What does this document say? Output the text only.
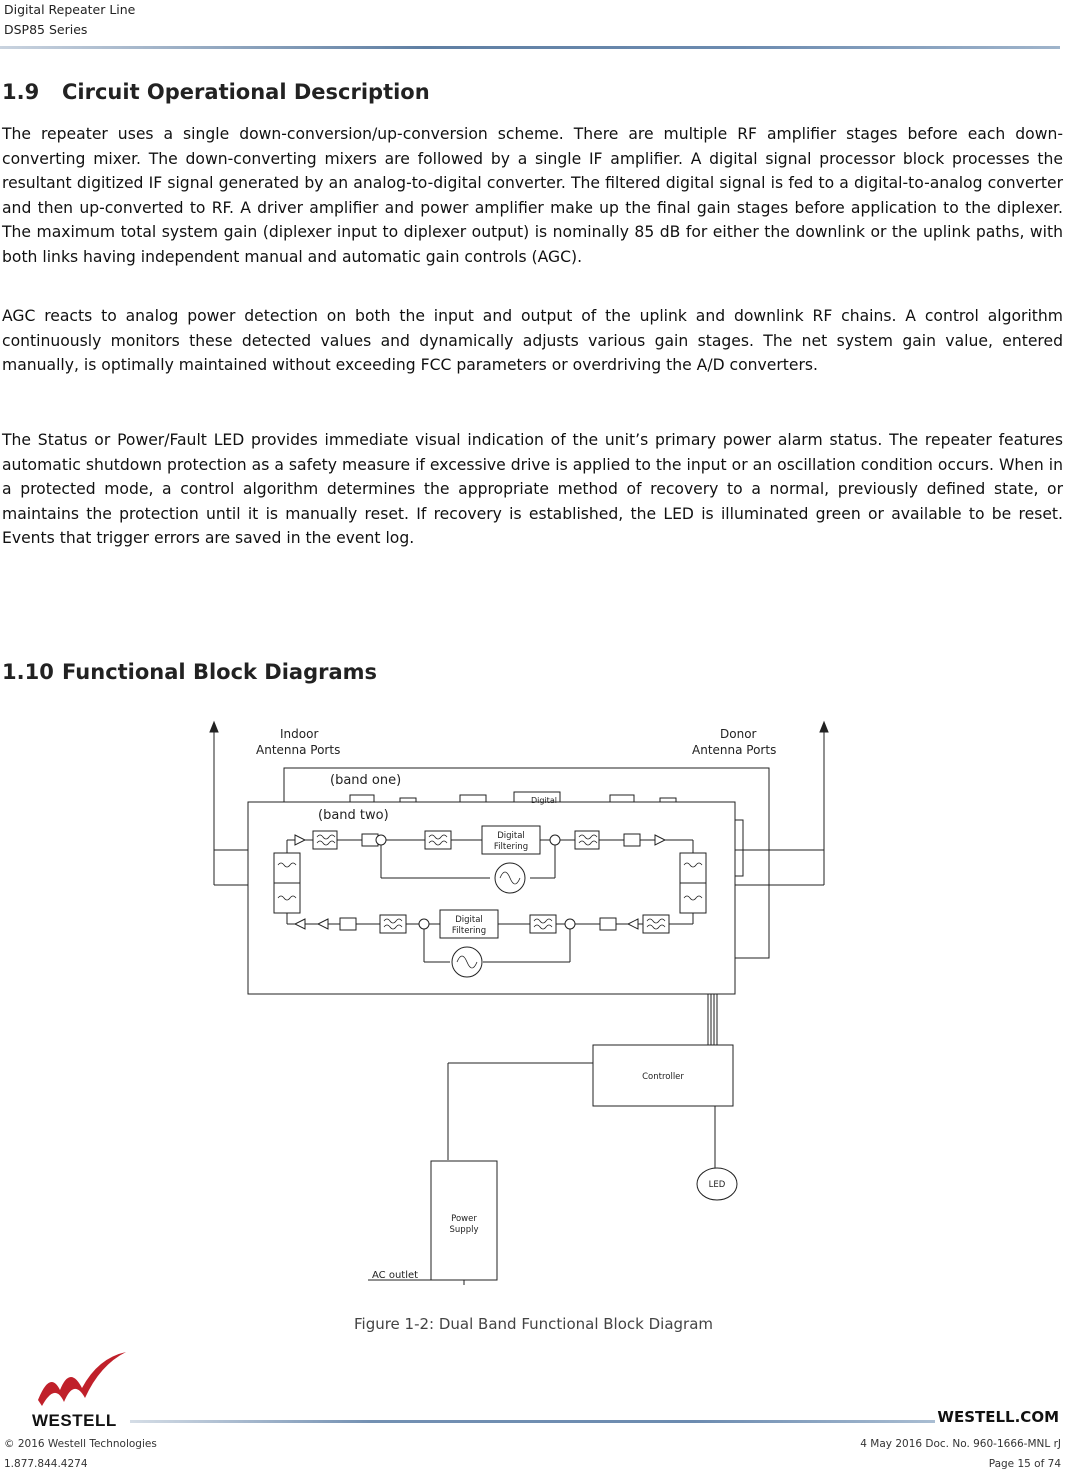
Digital Repeater Line
DSP85 Series
1.9 Circuit Operational Description

The repeater uses a single down-conversion/up-conversion scheme. There are multiple RF amplifier stages before each down-converting mixer. The down-converting mixers are followed by a single IF amplifier. A digital signal processor block processes the resultant digitized IF signal generated by an analog-to-digital converter. The filtered digital signal is fed to a digital-to-analog converter and then up-converted to RF. A driver amplifier and power amplifier make up the final gain stages before application to the diplexer. The maximum total system gain (diplexer input to diplexer output) is nominally 85 dB for either the downlink or the uplink paths, with both links having independent manual and automatic gain controls (AGC).

AGC reacts to analog power detection on both the input and output of the uplink and downlink RF chains. A control algorithm continuously monitors these detected values and dynamically adjusts various gain stages. The net system gain value, entered manually, is optimally maintained without exceeding FCC parameters or overdriving the A/D converters.

The Status or Power/Fault LED provides immediate visual indication of the unit’s primary power alarm status. The repeater features automatic shutdown protection as a safety measure if excessive drive is applied to the input or an oscillation condition occurs. When in a protected mode, a control algorithm determines the appropriate method of recovery to a normal, previously defined state, or maintains the protection until it is manually reset. If recovery is established, the LED is illuminated green or available to be reset. Events that trigger errors are saved in the event log.

1.10 Functional Block Diagrams
Indoor
Antenna Ports
Donor
Antenna Ports
(band one)
(band two)
Digital
Digital
Filtering
Digital
Filtering
Controller
LED
Power
Supply
AC outlet
Figure 1-2: Dual Band Functional Block Diagram
WESTELL	WESTELL.COM
© 2016 Westell Technologies
1.877.844.4274
4 May 2016 Doc. No. 960-1666-MNL rJ
Page 15 of 74
